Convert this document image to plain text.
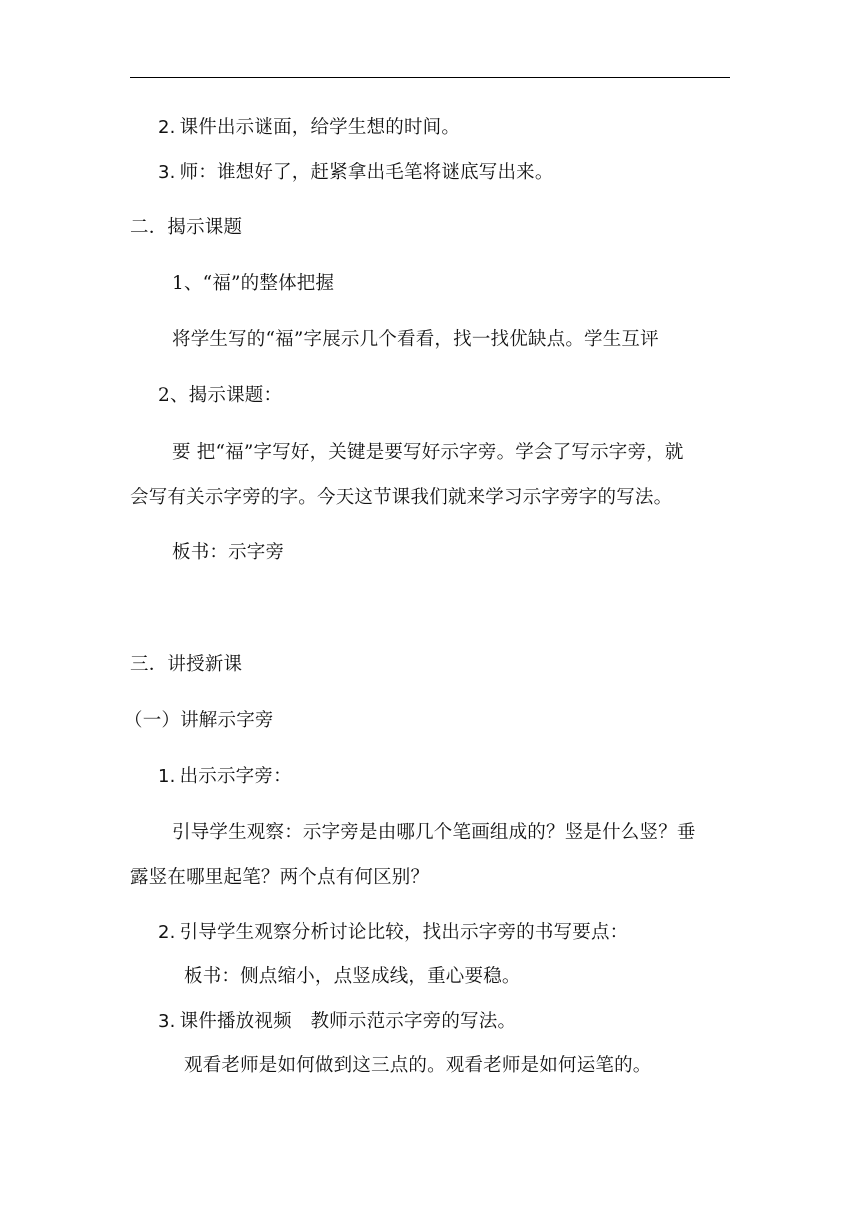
2. 课件出示谜面，给学生想的时间。
3. 师：谁想好了，赶紧拿出毛笔将谜底写出来。
二．揭示课题
1、“福”的整体把握
将学生写的“福”字展示几个看看，找一找优缺点。学生互评
2、揭示课题：
要 把“福”字写好，关键是要写好示字旁。学会了写示字旁，就
会写有关示字旁的字。今天这节课我们就来学习示字旁字的写法。
板书：示字旁
三．讲授新课
（一）讲解示字旁
1. 出示示字旁：
引导学生观察：示字旁是由哪几个笔画组成的？竖是什么竖？垂
露竖在哪里起笔？两个点有何区别？
2. 引导学生观察分析讨论比较，找出示字旁的书写要点：
板书：侧点缩小，点竖成线，重心要稳。
3. 课件播放视频　教师示范示字旁的写法。
观看老师是如何做到这三点的。观看老师是如何运笔的。
